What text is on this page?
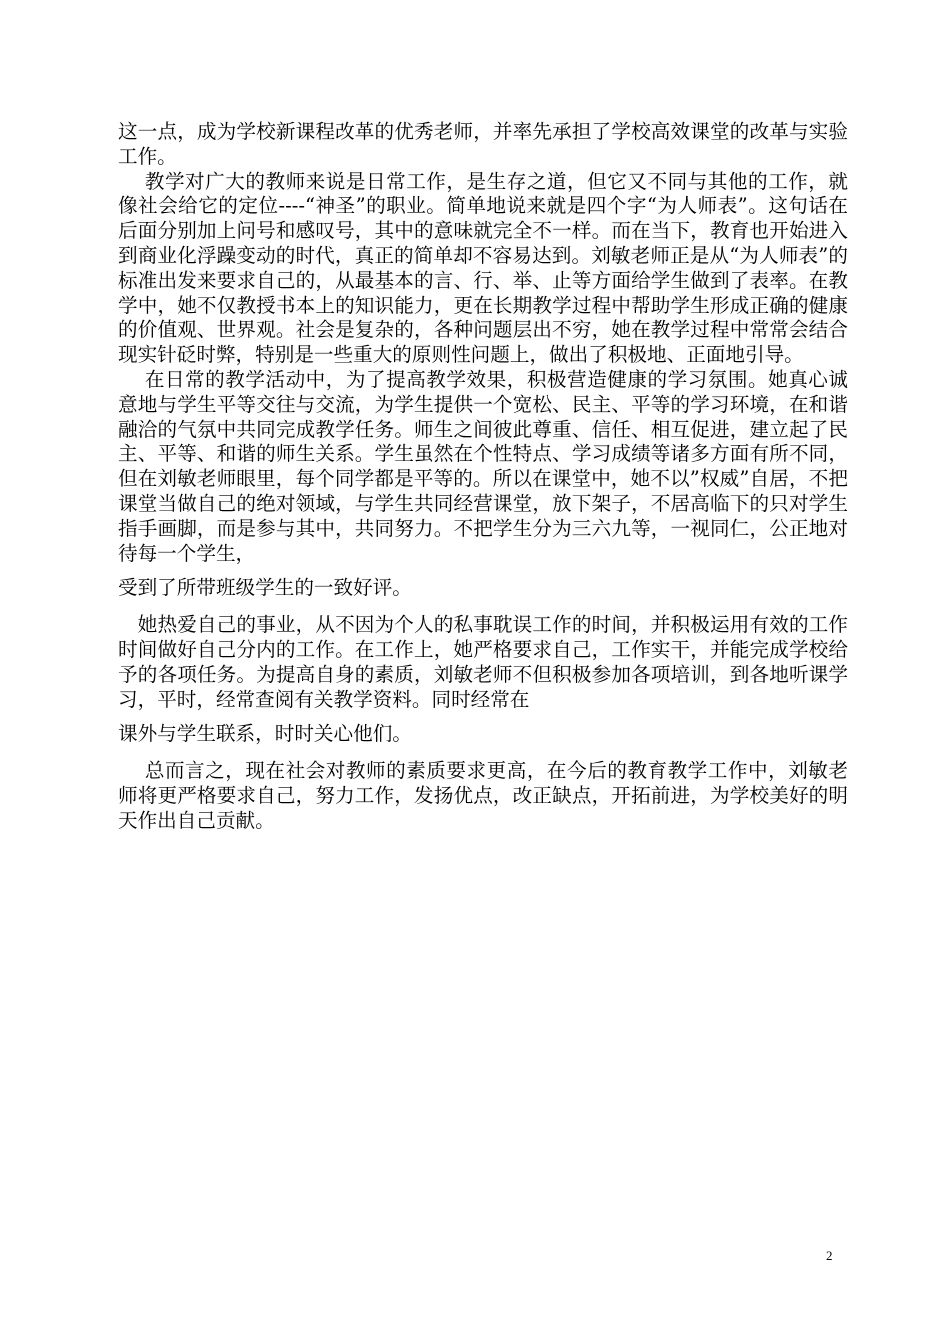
这一点，成为学校新课程改革的优秀老师，并率先承担了学校高效课堂的改革与实验工作。

　 教学对广大的教师来说是日常工作，是生存之道，但它又不同与其他的工作，就像社会给它的定位----“神圣”的职业。简单地说来就是四个字“为人师表”。这句话在后面分别加上问号和感叹号，其中的意味就完全不一样。而在当下，教育也开始进入到商业化浮躁变动的时代，真正的简单却不容易达到。刘敏老师正是从“为人师表”的标准出发来要求自己的，从最基本的言、行、举、止等方面给学生做到了表率。在教学中，她不仅教授书本上的知识能力，更在长期教学过程中帮助学生形成正确的健康的价值观、世界观。社会是复杂的，各种问题层出不穷，她在教学过程中常常会结合现实针砭时弊，特别是一些重大的原则性问题上，做出了积极地、正面地引导。

　 在日常的教学活动中，为了提高教学效果，积极营造健康的学习氛围。她真心诚意地与学生平等交往与交流，为学生提供一个宽松、民主、平等的学习环境，在和谐融洽的气氛中共同完成教学任务。师生之间彼此尊重、信任、相互促进，建立起了民主、平等、和谐的师生关系。学生虽然在个性特点、学习成绩等诸多方面有所不同，但在刘敏老师眼里，每个同学都是平等的。所以在课堂中，她不以”权威”自居，不把课堂当做自己的绝对领域，与学生共同经营课堂，放下架子，不居高临下的只对学生指手画脚，而是参与其中，共同努力。不把学生分为三六九等，一视同仁，公正地对待每一个学生，

受到了所带班级学生的一致好评。

　她热爱自己的事业，从不因为个人的私事耽误工作的时间，并积极运用有效的工作时间做好自己分内的工作。在工作上，她严格要求自己，工作实干，并能完成学校给予的各项任务。为提高自身的素质，刘敏老师不但积极参加各项培训，到各地听课学习，平时，经常查阅有关教学资料。同时经常在

课外与学生联系，时时关心他们。

　 总而言之，现在社会对教师的素质要求更高，在今后的教育教学工作中，刘敏老师将更严格要求自己，努力工作，发扬优点，改正缺点，开拓前进，为学校美好的明天作出自己贡献。

2
